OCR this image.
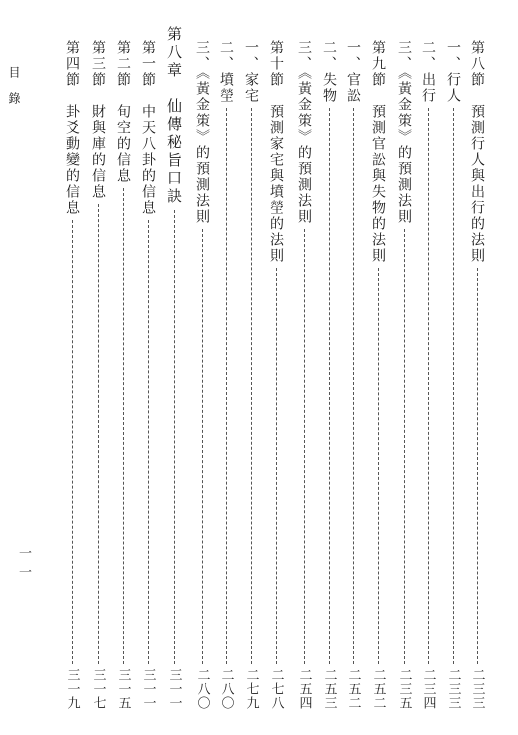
目錄
一一
第八節　預測行人與出行的法則
二三三
一、行人
二三三
二、出行
二三四
三、《黃金策》的預測法則
二三五
第九節　預測官訟與失物的法則
二五二
一、官訟
二五二
二、失物
二五三
三、《黃金策》的預測法則
二五四
第十節　預測家宅與墳塋的法則
二七八
一、家宅
二七九
二、墳塋
二八〇
三、《黃金策》的預測法則
二八〇
第八章　仙傳秘旨口訣
三一一
第一節　中天八卦的信息
三一一
第二節　旬空的信息
三一五
第三節　財與庫的信息
三一七
第四節　卦爻動變的信息
三一九
